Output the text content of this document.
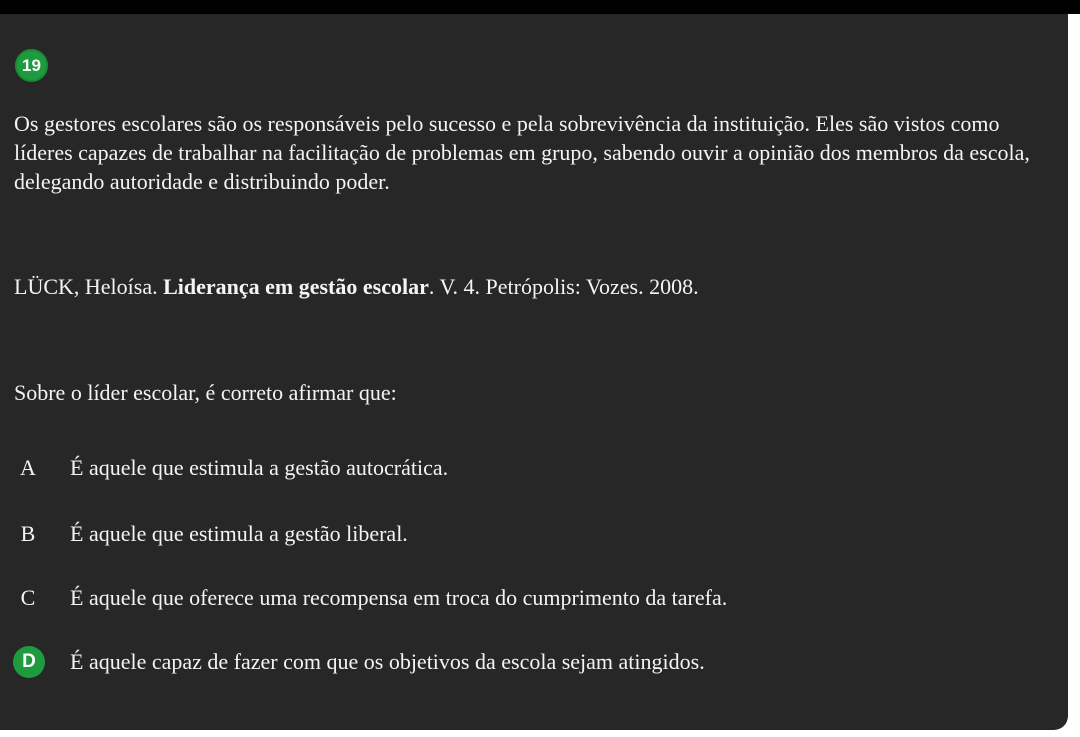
19

Os gestores escolares são os responsáveis pelo sucesso e pela sobrevivência da instituição. Eles são vistos como líderes capazes de trabalhar na facilitação de problemas em grupo, sabendo ouvir a opinião dos membros da escola, delegando autoridade e distribuindo poder.

LÜCK, Heloísa. Liderança em gestão escolar. V. 4. Petrópolis: Vozes. 2008.

Sobre o líder escolar, é correto afirmar que:

A	É aquele que estimula a gestão autocrática.
B	É aquele que estimula a gestão liberal.
C	É aquele que oferece uma recompensa em troca do cumprimento da tarefa.
D	É aquele capaz de fazer com que os objetivos da escola sejam atingidos.
